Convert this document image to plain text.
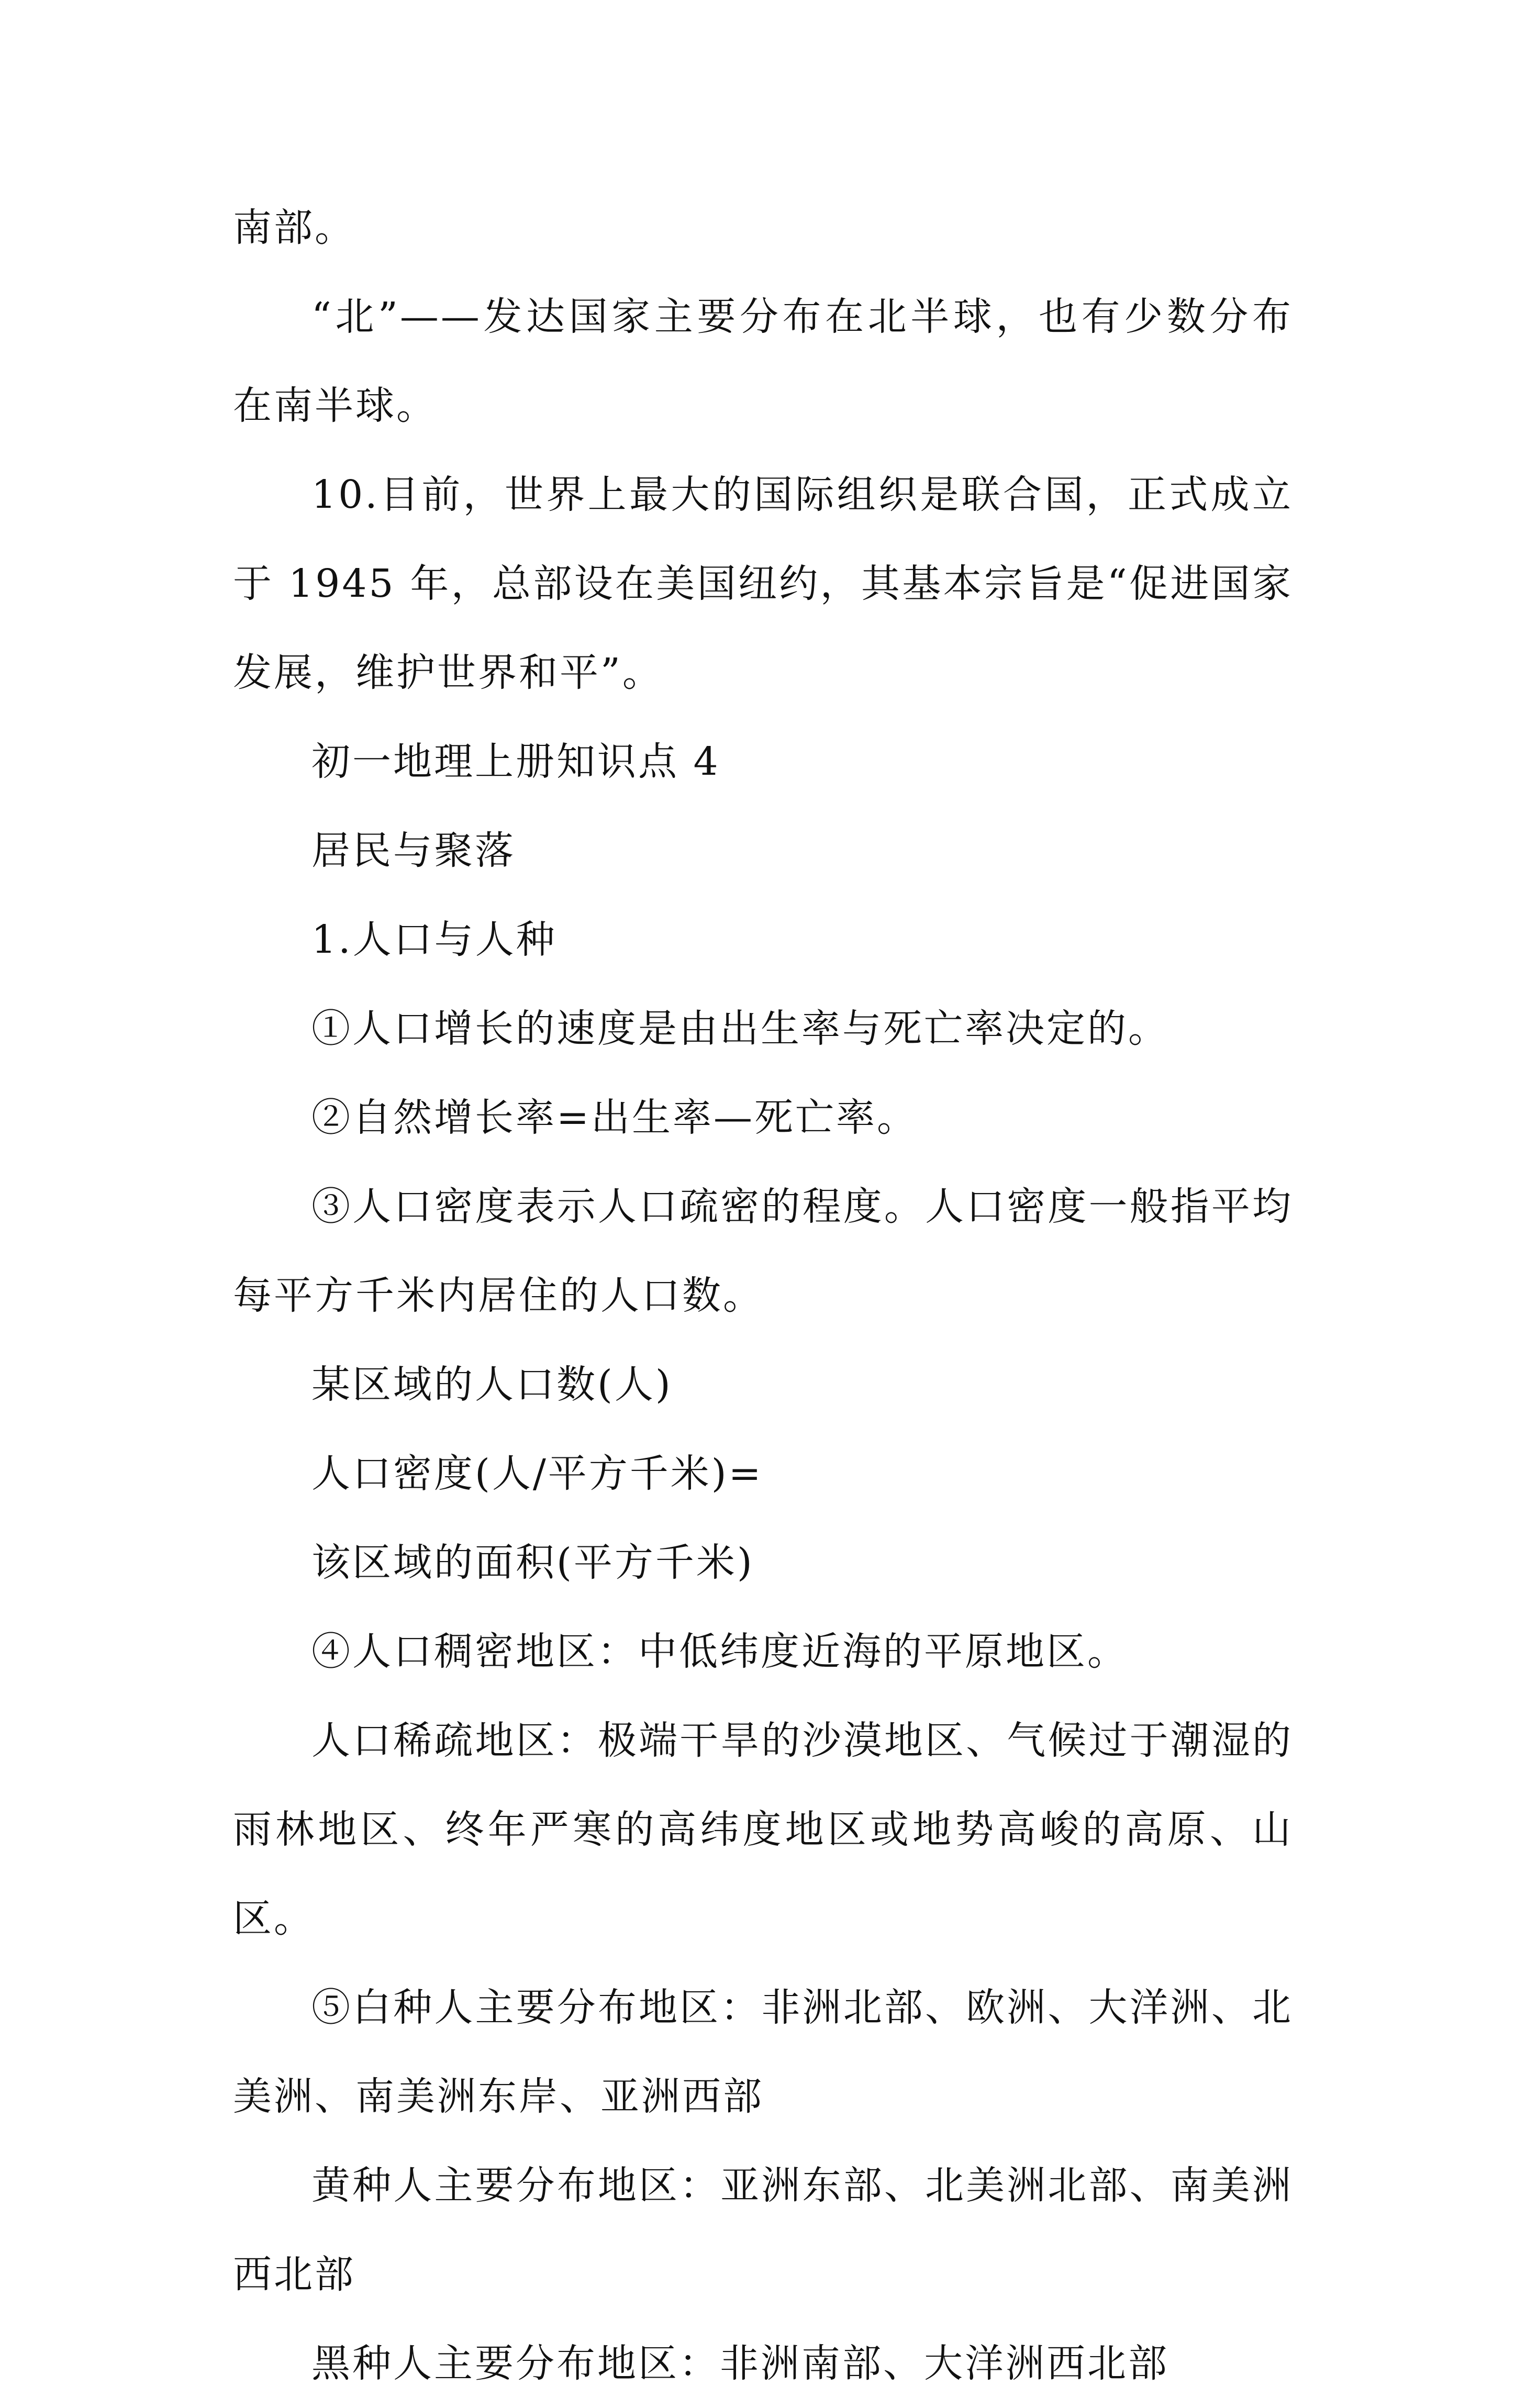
南部。

“北”——发达国家主要分布在北半球，也有少数分布在南半球。

10.目前，世界上最大的国际组织是联合国，正式成立于 1945 年，总部设在美国纽约，其基本宗旨是“促进国家发展，维护世界和平”。

初一地理上册知识点 4

居民与聚落

1.人口与人种

①人口增长的速度是由出生率与死亡率决定的。

②自然增长率=出生率—死亡率。

③人口密度表示人口疏密的程度。人口密度一般指平均每平方千米内居住的人口数。

某区域的人口数(人)

人口密度(人/平方千米)=

该区域的面积(平方千米)

④人口稠密地区：中低纬度近海的平原地区。

人口稀疏地区：极端干旱的沙漠地区、气候过于潮湿的雨林地区、终年严寒的高纬度地区或地势高峻的高原、山区。

⑤白种人主要分布地区：非洲北部、欧洲、大洋洲、北美洲、南美洲东岸、亚洲西部

黄种人主要分布地区：亚洲东部、北美洲北部、南美洲西北部

黑种人主要分布地区：非洲南部、大洋洲西北部
